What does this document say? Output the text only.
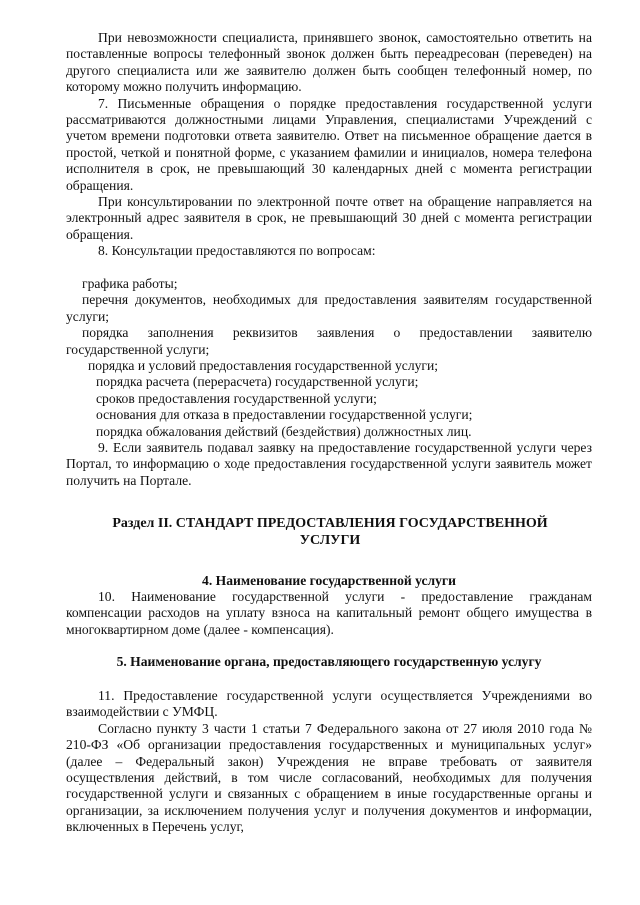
При невозможности специалиста, принявшего звонок, самостоятельно ответить на поставленные вопросы телефонный звонок должен быть переадресован (переведен) на другого специалиста или же заявителю должен быть сообщен телефонный номер, по которому можно получить информацию.

7. Письменные обращения о порядке предоставления государственной услуги рассматриваются должностными лицами Управления, специалистами Учреждений с учетом времени подготовки ответа заявителю. Ответ на письменное обращение дается в простой, четкой и понятной форме, с указанием фамилии и инициалов, номера телефона исполнителя в срок, не превышающий 30 календарных дней с момента регистрации обращения.

При консультировании по электронной почте ответ на обращение направляется на электронный адрес заявителя в срок, не превышающий 30 дней с момента регистрации обращения.

8. Консультации предоставляются по вопросам:

графика работы;

перечня документов, необходимых для предоставления заявителям государственной услуги;

порядка заполнения реквизитов заявления о предоставлении заявителю государственной услуги;

порядка и условий предоставления государственной услуги;

порядка расчета (перерасчета) государственной услуги;

сроков предоставления государственной услуги;

основания для отказа в предоставлении государственной услуги;

порядка обжалования действий (бездействия) должностных лиц.

9. Если заявитель подавал заявку на предоставление государственной услуги через Портал, то информацию о ходе предоставления государственной услуги заявитель может получить на Портале.

Раздел II. СТАНДАРТ ПРЕДОСТАВЛЕНИЯ ГОСУДАРСТВЕННОЙ УСЛУГИ
4. Наименование государственной услуги

10. Наименование государственной услуги - предоставление гражданам компенсации расходов на уплату взноса на капитальный ремонт общего имущества в многоквартирном доме (далее - компенсация).

5. Наименование органа, предоставляющего государственную услугу

11. Предоставление государственной услуги осуществляется Учреждениями во взаимодействии с УМФЦ.

Согласно пункту 3 части 1 статьи 7 Федерального закона от 27 июля 2010 года № 210-ФЗ «Об организации предоставления государственных и муниципальных услуг» (далее – Федеральный закон) Учреждения не вправе требовать от заявителя осуществления действий, в том числе согласований, необходимых для получения государственной услуги и связанных с обращением в иные государственные органы и организации, за исключением получения услуг и получения документов и информации, включенных в Перечень услуг,
